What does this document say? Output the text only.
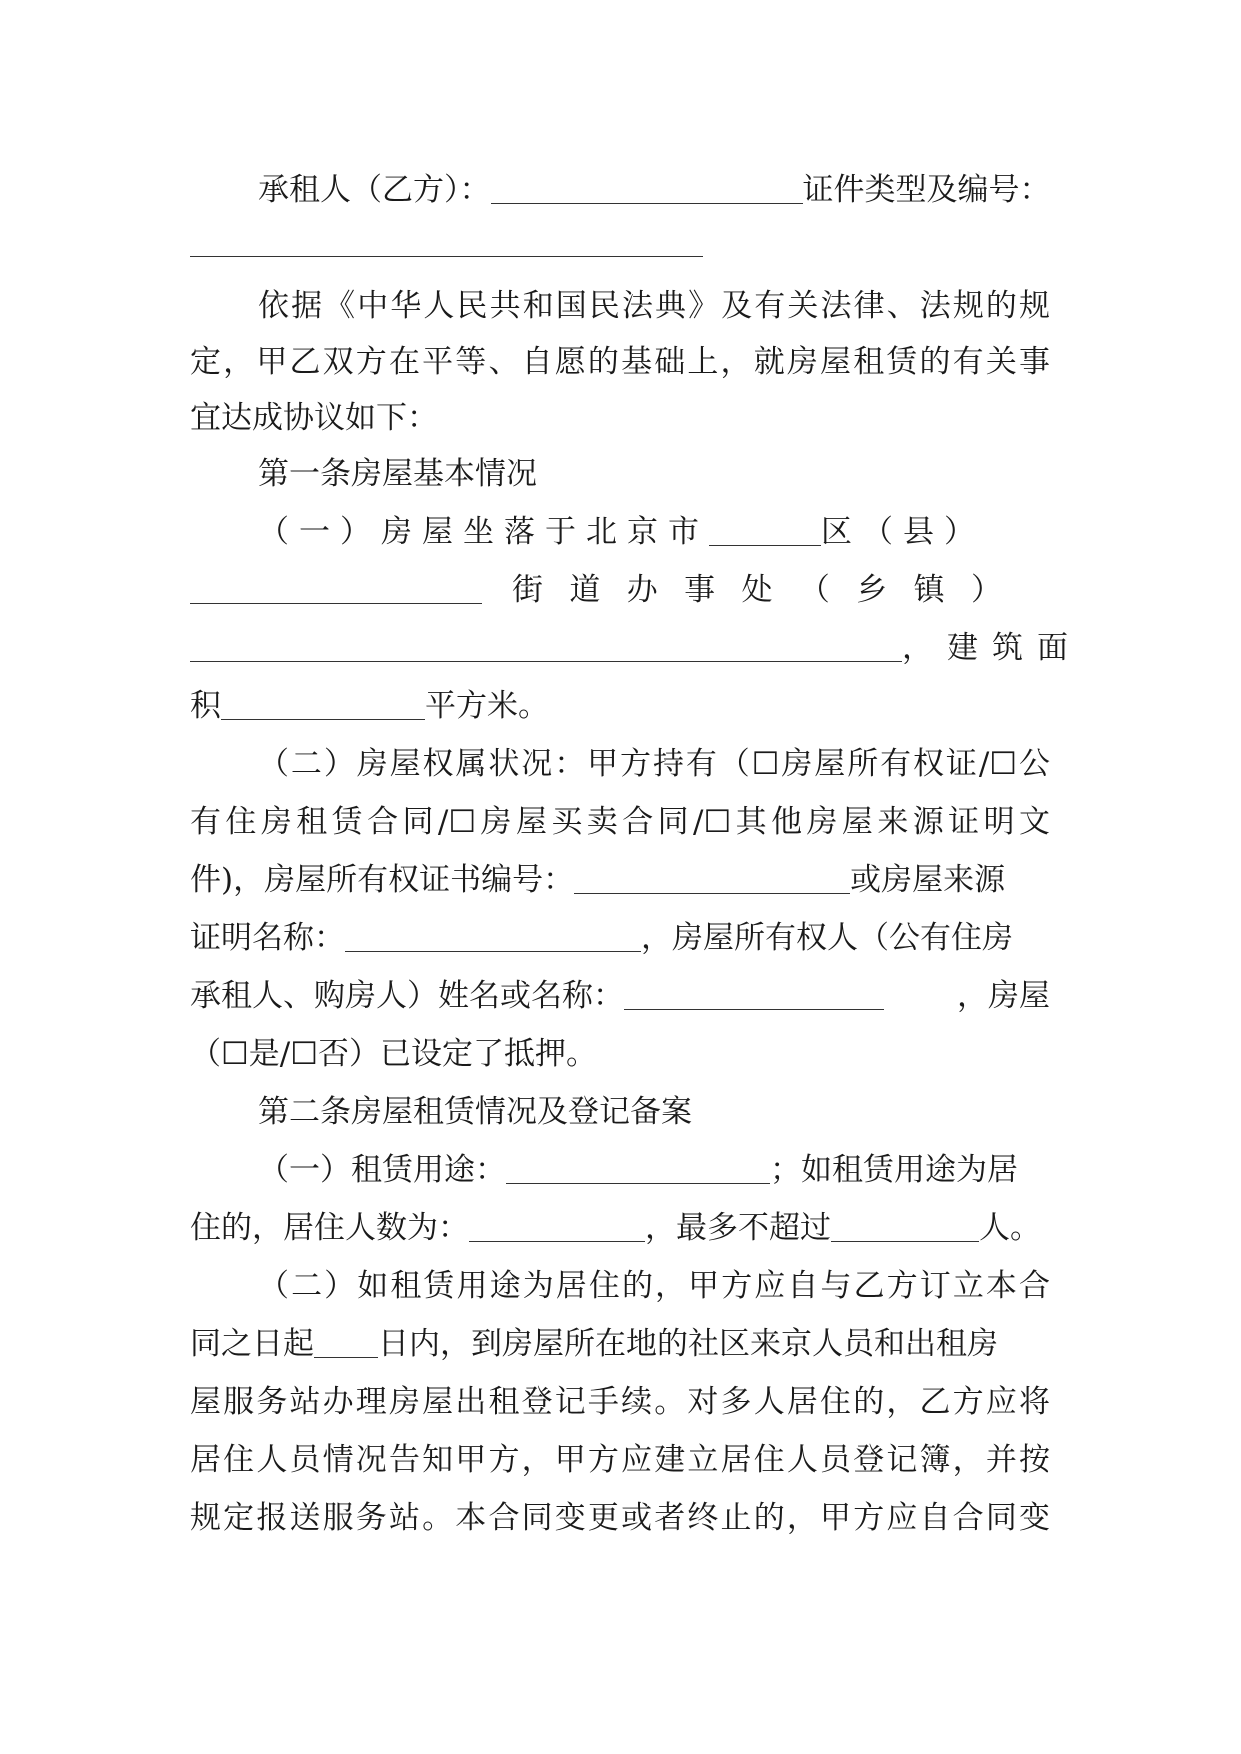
承租人（乙方）：	证件类型及编号：
依据《中华人民共和国民法典》及有关法律、法规的规
定，甲乙双方在平等、自愿的基础上，就房屋租赁的有关事
宜达成协议如下：
第一条房屋基本情况
（一）房屋坐落于北京市	区（县）
街道办事处（乡镇）
，建筑面
积	平方米。
（二）房屋权属状况：甲方持有（☐房屋所有权证/☐公
有住房租赁合同/☐房屋买卖合同/☐其他房屋来源证明文
件)，房屋所有权证书编号：	或房屋来源
证明名称：	，房屋所有权人（公有住房
承租人、购房人）姓名或名称：	，房屋
（☐是/☐否）已设定了抵押。
第二条房屋租赁情况及登记备案
（一）租赁用途：	；如租赁用途为居
住的，居住人数为：	，最多不超过	人。
（二）如租赁用途为居住的，甲方应自与乙方订立本合
同之日起 日内，到房屋所在地的社区来京人员和出租房
屋服务站办理房屋出租登记手续。对多人居住的，乙方应将
居住人员情况告知甲方，甲方应建立居住人员登记簿，并按
规定报送服务站。本合同变更或者终止的，甲方应自合同变
